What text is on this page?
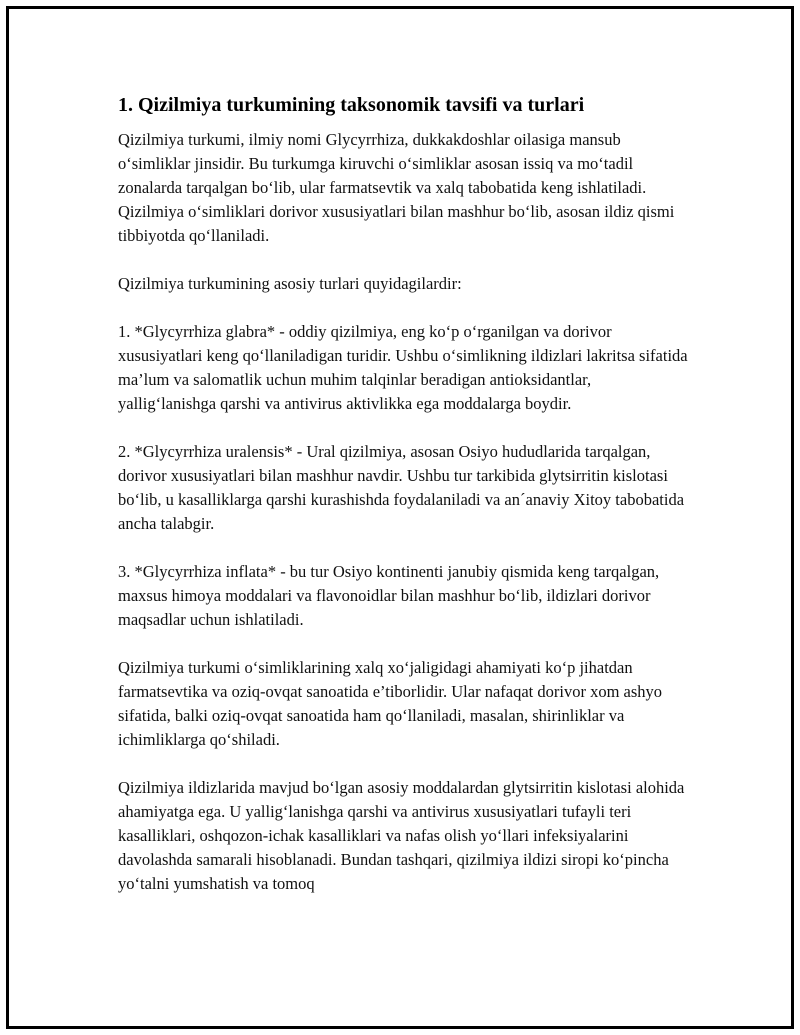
1. Qizilmiya turkumining taksonomik tavsifi va turlari

Qizilmiya turkumi, ilmiy nomi Glycyrrhiza, dukkakdoshlar oilasiga mansub o‘simliklar jinsidir. Bu turkumga kiruvchi o‘simliklar asosan issiq va mo‘tadil zonalarda tarqalgan bo‘lib, ular farmatsevtik va xalq tabobatida keng ishlatiladi. Qizilmiya o‘simliklari dorivor xususiyatlari bilan mashhur bo‘lib, asosan ildiz qismi tibbiyotda qo‘llaniladi.

Qizilmiya turkumining asosiy turlari quyidagilardir:

1. *Glycyrrhiza glabra* - oddiy qizilmiya, eng ko‘p o‘rganilgan va dorivor xususiyatlari keng qo‘llaniladigan turidir. Ushbu o‘simlikning ildizlari lakritsa sifatida ma’lum va salomatlik uchun muhim talqinlar beradigan antioksidantlar, yallig‘lanishga qarshi va antivirus aktivlikka ega moddalarga boydir.

2. *Glycyrrhiza uralensis* - Ural qizilmiya, asosan Osiyo hududlarida tarqalgan, dorivor xususiyatlari bilan mashhur navdir. Ushbu tur tarkibida glytsirritin kislotasi bo‘lib, u kasalliklarga qarshi kurashishda foydalaniladi va an´anaviy Xitoy tabobatida ancha talabgir.

3. *Glycyrrhiza inflata* - bu tur Osiyo kontinenti janubiy qismida keng tarqalgan, maxsus himoya moddalari va flavonoidlar bilan mashhur bo‘lib, ildizlari dorivor maqsadlar uchun ishlatiladi.

Qizilmiya turkumi o‘simliklarining xalq xo‘jaligidagi ahamiyati ko‘p jihatdan farmatsevtika va oziq-ovqat sanoatida e’tiborlidir. Ular nafaqat dorivor xom ashyo sifatida, balki oziq-ovqat sanoatida ham qo‘llaniladi, masalan, shirinliklar va ichimliklarga qo‘shiladi.

Qizilmiya ildizlarida mavjud bo‘lgan asosiy moddalardan glytsirritin kislotasi alohida ahamiyatga ega. U yallig‘lanishga qarshi va antivirus xususiyatlari tufayli teri kasalliklari, oshqozon-ichak kasalliklari va nafas olish yo‘llari infeksiyalarini davolashda samarali hisoblanadi. Bundan tashqari, qizilmiya ildizi siropi ko‘pincha yo‘talni yumshatish va tomoq
